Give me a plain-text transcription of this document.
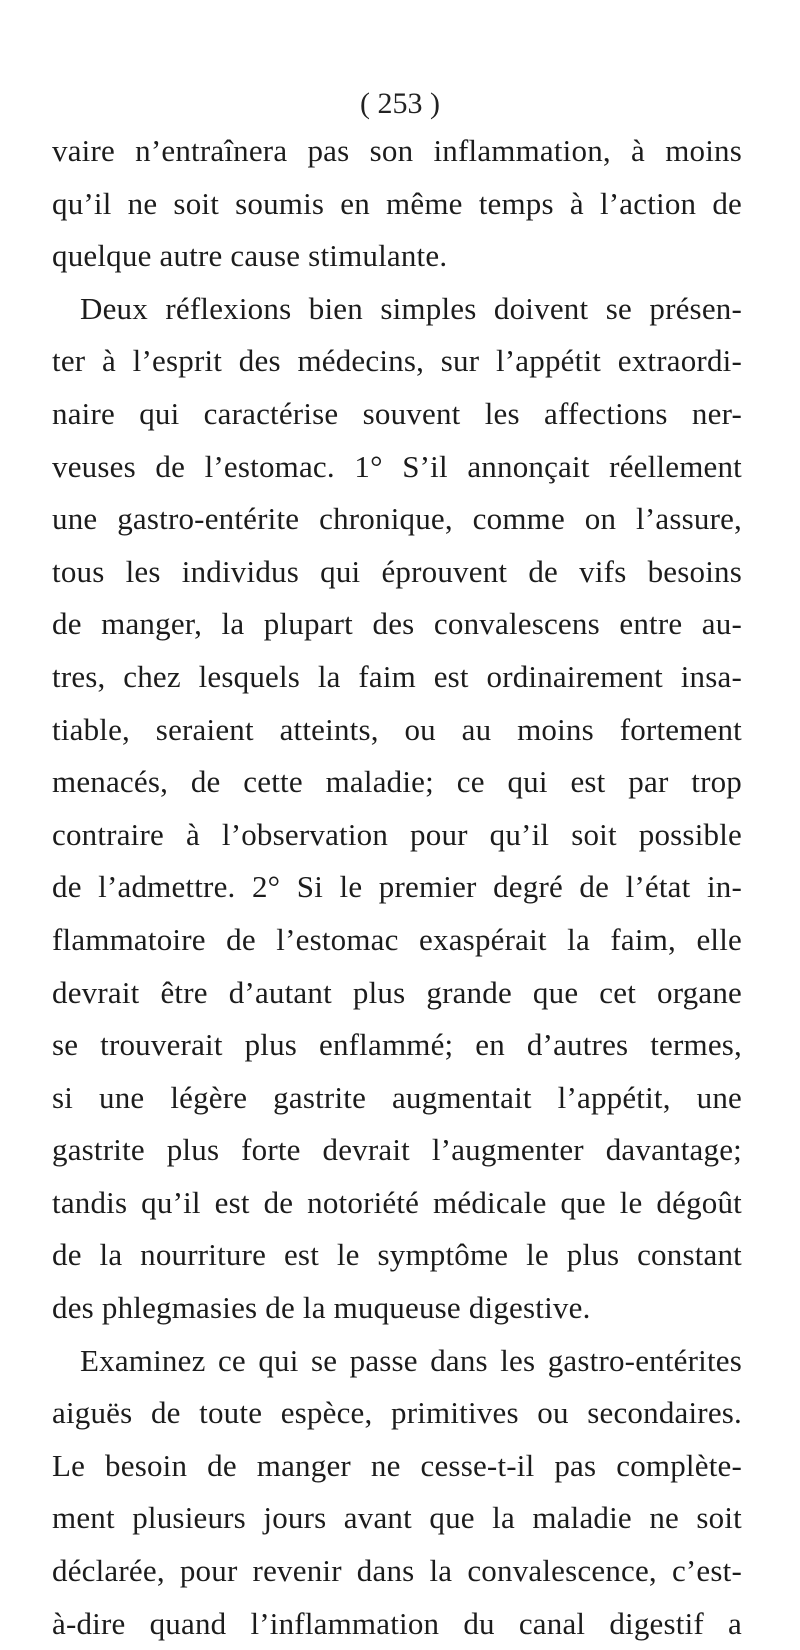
( 253 )
vaire n’entraînera pas son inflammation, à moins
qu’il ne soit soumis en même temps à l’action de
quelque autre cause stimulante.
Deux réflexions bien simples doivent se présen-
ter à l’esprit des médecins, sur l’appétit extraordi-
naire qui caractérise souvent les affections ner-
veuses de l’estomac. 1° S’il annonçait réellement
une gastro-entérite chronique, comme on l’assure,
tous les individus qui éprouvent de vifs besoins
de manger, la plupart des convalescens entre au-
tres, chez lesquels la faim est ordinairement insa-
tiable, seraient atteints, ou au moins fortement
menacés, de cette maladie; ce qui est par trop
contraire à l’observation pour qu’il soit possible
de l’admettre. 2° Si le premier degré de l’état in-
flammatoire de l’estomac exaspérait la faim, elle
devrait être d’autant plus grande que cet organe
se trouverait plus enflammé; en d’autres termes,
si une légère gastrite augmentait l’appétit, une
gastrite plus forte devrait l’augmenter davantage;
tandis qu’il est de notoriété médicale que le dégoût
de la nourriture est le symptôme le plus constant
des phlegmasies de la muqueuse digestive.
Examinez ce qui se passe dans les gastro-entérites
aiguës de toute espèce, primitives ou secondaires.
Le besoin de manger ne cesse-t-il pas complète-
ment plusieurs jours avant que la maladie ne soit
déclarée, pour revenir dans la convalescence, c’est-
à-dire quand l’inflammation du canal digestif a
